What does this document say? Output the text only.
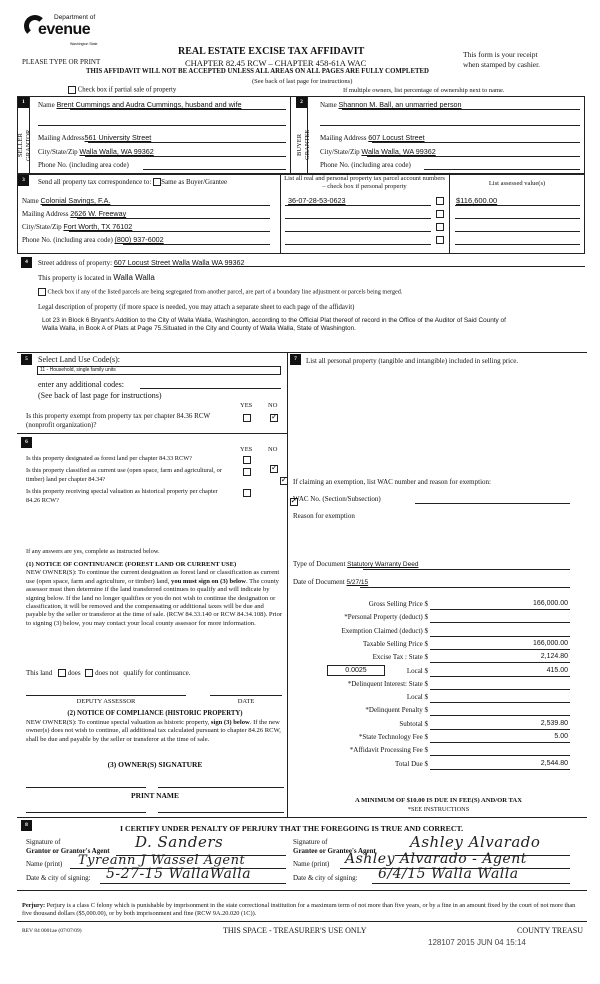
Department of
evenue
Washington State
PLEASE TYPE OR PRINT
REAL ESTATE EXCISE TAX AFFIDAVIT
CHAPTER 82.45 RCW – CHAPTER 458-61A WAC
This form is your receipt
when stamped by cashier.
THIS AFFIDAVIT WILL NOT BE ACCEPTED UNLESS ALL AREAS ON ALL PAGES ARE FULLY COMPLETED
(See back of last page for instructions)
Check box if partial sale of property	If multiple owners, list percentage of ownership next to name.
1
SELLER
GRANTOR
Name Brent Cummings and Audra Cummings, husband and wife
Mailing Address561 University Street
City/State/Zip Walla Walla, WA 99362
Phone No. (including area code)
2
BUYER
GRANTEE
Name Shannon M. Ball, an unmarried person
Mailing Address 607 Locust Street
City/State/Zip Walla Walla, WA 99362
Phone No. (including area code)
3	Send all property tax correspondence to: Same as Buyer/Grantee
Name Colonial Savings, F.A.
Mailing Address 2626 W. Freeway
City/State/Zip Fort Worth, TX 76102
Phone No. (including area code) (800) 937-6002
List all real and personal property tax parcel account numbers – check box if personal property	List assessed value(s)
36-07-28-53-0623	$116,600.00
4	Street address of property: 607 Locust Street Walla Walla WA 99362
This property is located in Walla Walla
Check box if any of the listed parcels are being segregated from another parcel, are part of a boundary line adjustment or parcels being merged.
Legal description of property (if more space is needed, you may attach a separate sheet to each page of the affidavit)
Lot 23 in Block 6 Bryant's Addition to the City of Walla Walla, Washington, according to the Official Plat thereof of record in the Office of the Auditor of Said County of Walla Walla, in Book A of Plats at Page 75.Situated in the City and County of Walla Walla, State of Washington.
5	Select Land Use Code(s):
11 - Household, single family units
enter any additional codes:
(See back of last page for instructions)
YES NO
Is this property exempt from property tax per chapter 84.36 RCW (nonprofit organization)?
✓
6
YES NO
Is this property designated as forest land per chapter 84.33 RCW?
✓
Is this property classified as current use (open space, farm and agricultural, or timber) land per chapter 84.34?

✓
Is this property receiving special valuation as historical property per chapter 84.26 RCW?

✓
If any answers are yes, complete as instructed below.
(1) NOTICE OF CONTINUANCE (FOREST LAND OR CURRENT USE)
NEW OWNER(S): To continue the current designation as forest land or classification as current use (open space, farm and agriculture, or timber) land, you must sign on (3) below. The county assessor must then determine if the land transferred continues to qualify and will indicate by signing below. If the land no longer qualifies or you do not wish to continue the designation or classification, it will be removed and the compensating or additional taxes will be due and payable by the seller or transferor at the time of sale. (RCW 84.33.140 or RCW 84.34.108). Prior to signing (3) below, you may contact your local county assessor for more information.
This land does does not qualify for continuance.
DEPUTY ASSESSOR	DATE
(2) NOTICE OF COMPLIANCE (HISTORIC PROPERTY)
NEW OWNER(S): To continue special valuation as historic property, sign (3) below. If the new owner(s) does not wish to continue, all additional tax calculated pursuant to chapter 84.26 RCW, shall be due and payable by the seller or transferor at the time of sale.
(3) OWNER(S) SIGNATURE
PRINT NAME
7	List all personal property (tangible and intangible) included in selling price.
If claiming an exemption, list WAC number and reason for exemption:
WAC No. (Section/Subsection)
Reason for exemption
Type of Document Statutory Warranty Deed
Date of Document 5/27/15
0.0025
Gross Selling Price $	166,000.00
*Personal Property (deduct) $
Exemption Claimed (deduct) $
Taxable Selling Price $	166,000.00
Excise Tax : State $	2,124.80
Local $	415.00
*Delinquent Interest: State $
Local $
*Delinquent Penalty $
Subtotal $	2,539.80
*State Technology Fee $	5.00
*Affidavit Processing Fee $
Total Due $	2,544.80
A MINIMUM OF $10.00 IS DUE IN FEE(S) AND/OR TAX
*SEE INSTRUCTIONS
8	I CERTIFY UNDER PENALTY OF PERJURY THAT THE FOREGOING IS TRUE AND CORRECT.
Signature of
Grantor or Grantor's Agent D. Sanders
Name (print) Tyreann J Wassel Agent
Date & city of signing: 5-27-15 WallaWalla
Signature of
Grantee or Grantee's Agent Ashley Alvarado
Name (print) Ashley Alvarado - Agent
Date & city of signing: 6/4/15 Walla Walla
Perjury: Perjury is a class C felony which is punishable by imprisonment in the state correctional institution for a maximum term of not more than five years, or by a fine in an amount fixed by the court of not more than five thousand dollars ($5,000.00), or by both imprisonment and fine (RCW 9A.20.020 (1C)).
REV 84 0001ae (07/07/09)	THIS SPACE - TREASURER'S USE ONLY	COUNTY TREASU
128107 2015 JUN 04 15:14
